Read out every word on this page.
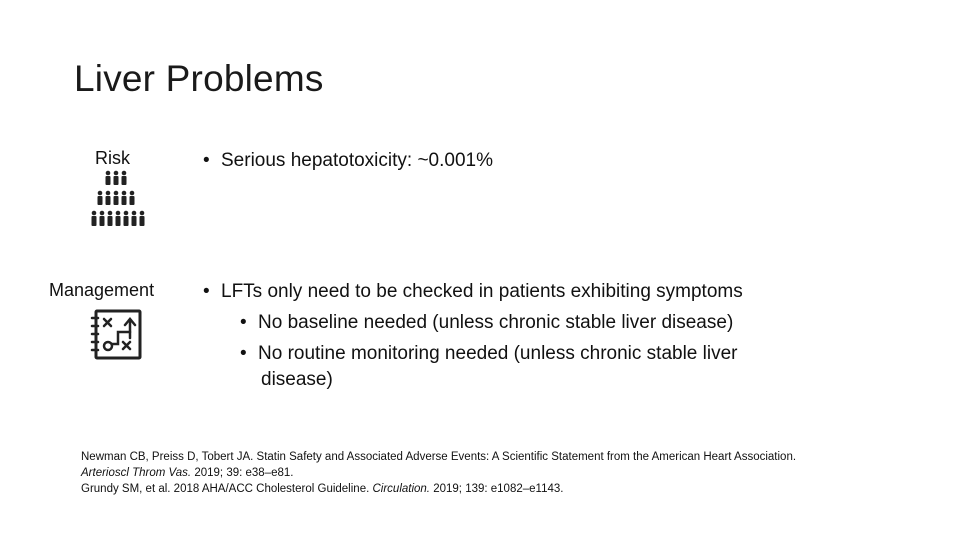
Liver Problems
Risk	• Serious hepatotoxicity: ~0.001%
Management	• LFTs only need to be checked in patients exhibiting symptoms
• No baseline needed (unless chronic stable liver disease)
• No routine monitoring needed (unless chronic stable liver
disease)
Newman CB, Preiss D, Tobert JA. Statin Safety and Associated Adverse Events: A Scientific Statement from the American Heart Association. Arterioscl Throm Vas. 2019; 39: e38–e81.
Grundy SM, et al. 2018 AHA/ACC Cholesterol Guideline. Circulation. 2019; 139: e1082–e1143.
